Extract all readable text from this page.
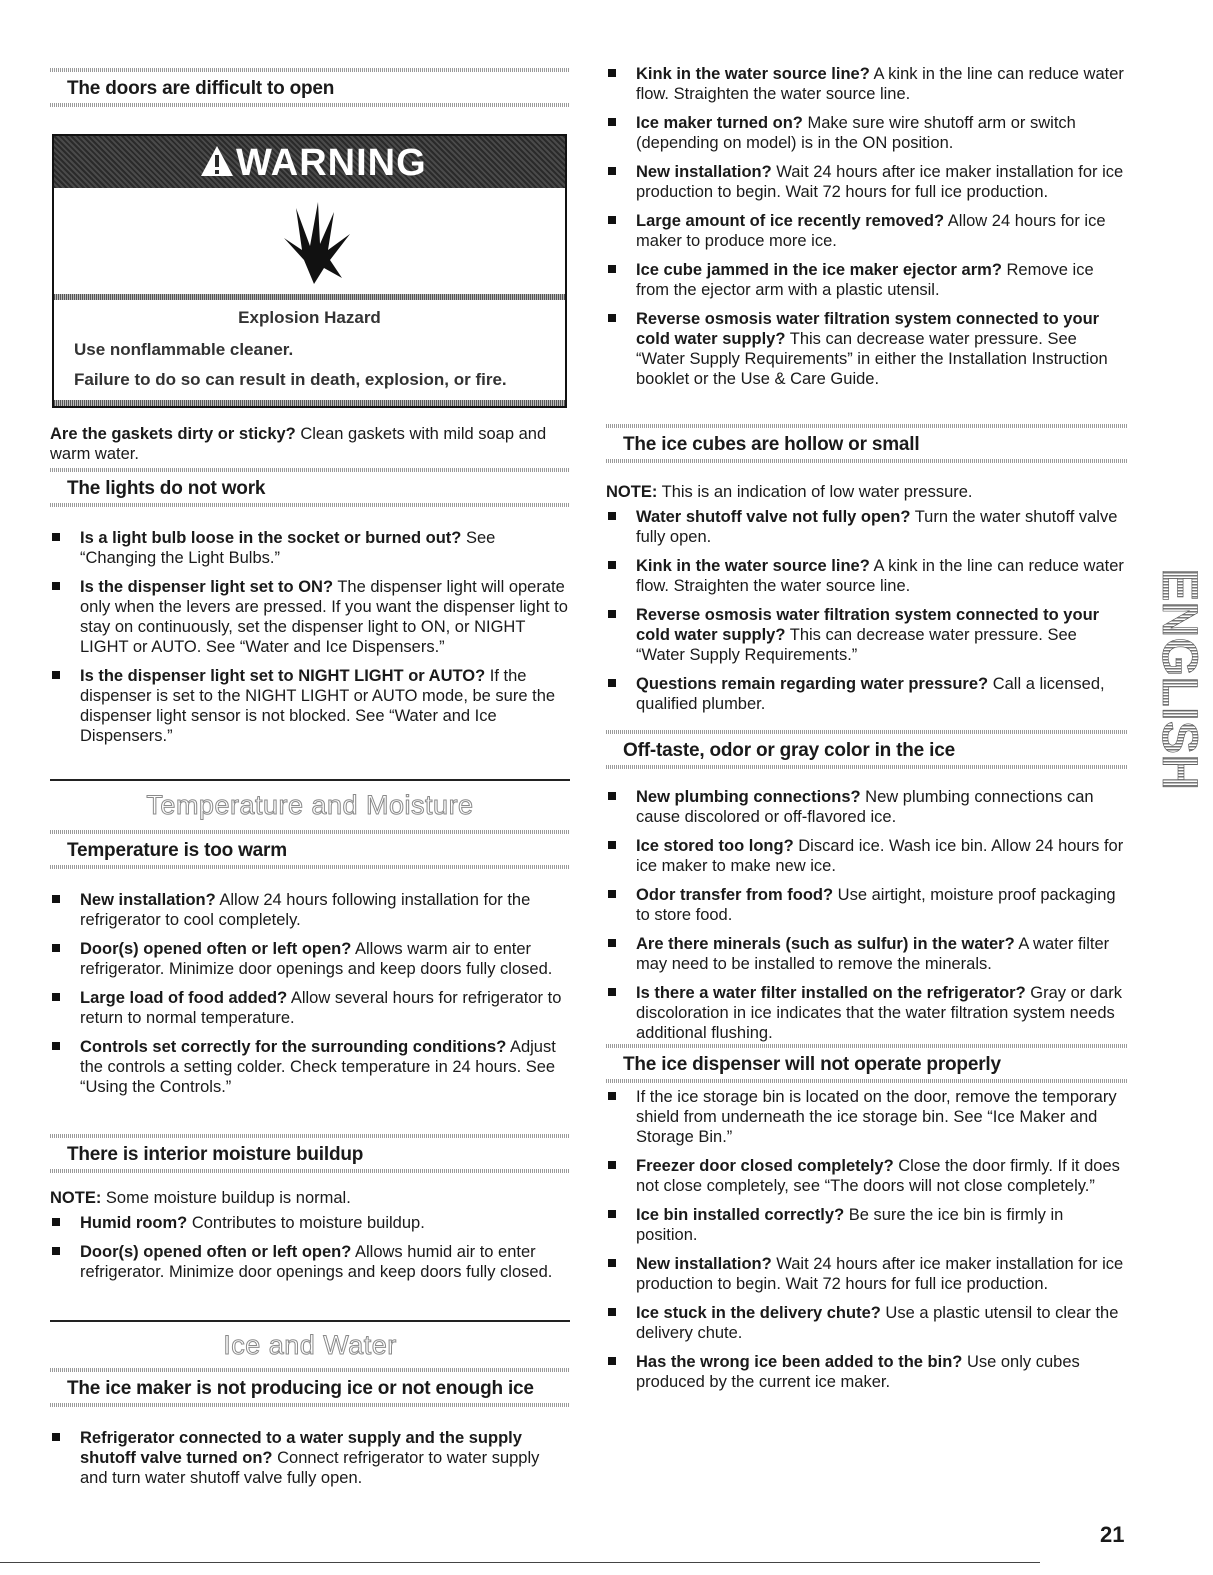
The doors are difficult to open

Are the gaskets dirty or sticky? Clean gaskets with mild soap and warm water.

The lights do not work
Is a light bulb loose in the socket or burned out? See “Changing the Light Bulbs.”
Is the dispenser light set to ON? The dispenser light will operate only when the levers are pressed. If you want the dispenser light to stay on continuously, set the dispenser light to ON, or NIGHT LIGHT or AUTO. See “Water and Ice Dispensers.”
Is the dispenser light set to NIGHT LIGHT or AUTO? If the dispenser is set to the NIGHT LIGHT or AUTO mode, be sure the dispenser light sensor is not blocked. See “Water and Ice Dispensers.”
Temperature and Moisture
Temperature is too warm
New installation? Allow 24 hours following installation for the refrigerator to cool completely.
Door(s) opened often or left open? Allows warm air to enter refrigerator. Minimize door openings and keep doors fully closed.
Large load of food added? Allow several hours for refrigerator to return to normal temperature.
Controls set correctly for the surrounding conditions? Adjust the controls a setting colder. Check temperature in 24 hours. See “Using the Controls.”
There is interior moisture buildup

NOTE: Some moisture buildup is normal.

Humid room? Contributes to moisture buildup.
Door(s) opened often or left open? Allows humid air to enter refrigerator. Minimize door openings and keep doors fully closed.
Ice and Water
The ice maker is not producing ice or not enough ice
Refrigerator connected to a water supply and the supply shutoff valve turned on? Connect refrigerator to water supply and turn water shutoff valve fully open.
WARNING
Explosion Hazard
Use nonflammable cleaner.
Failure to do so can result in death, explosion, or fire.
Kink in the water source line? A kink in the line can reduce water flow. Straighten the water source line.
Ice maker turned on? Make sure wire shutoff arm or switch (depending on model) is in the ON position.
New installation? Wait 24 hours after ice maker installation for ice production to begin. Wait 72 hours for full ice production.
Large amount of ice recently removed? Allow 24 hours for ice maker to produce more ice.
Ice cube jammed in the ice maker ejector arm? Remove ice from the ejector arm with a plastic utensil.
Reverse osmosis water filtration system connected to your cold water supply? This can decrease water pressure. See “Water Supply Requirements” in either the Installation Instruction booklet or the Use & Care Guide.
The ice cubes are hollow or small

NOTE: This is an indication of low water pressure.

Water shutoff valve not fully open? Turn the water shutoff valve fully open.
Kink in the water source line? A kink in the line can reduce water flow. Straighten the water source line.
Reverse osmosis water filtration system connected to your cold water supply? This can decrease water pressure. See “Water Supply Requirements.”
Questions remain regarding water pressure? Call a licensed, qualified plumber.
Off-taste, odor or gray color in the ice
New plumbing connections? New plumbing connections can cause discolored or off-flavored ice.
Ice stored too long? Discard ice. Wash ice bin. Allow 24 hours for ice maker to make new ice.
Odor transfer from food? Use airtight, moisture proof packaging to store food.
Are there minerals (such as sulfur) in the water? A water filter may need to be installed to remove the minerals.
Is there a water filter installed on the refrigerator? Gray or dark discoloration in ice indicates that the water filtration system needs additional flushing.
The ice dispenser will not operate properly
If the ice storage bin is located on the door, remove the temporary shield from underneath the ice storage bin. See “Ice Maker and Storage Bin.”
Freezer door closed completely? Close the door firmly. If it does not close completely, see “The doors will not close completely.”
Ice bin installed correctly? Be sure the ice bin is firmly in position.
New installation? Wait 24 hours after ice maker installation for ice production to begin. Wait 72 hours for full ice production.
Ice stuck in the delivery chute? Use a plastic utensil to clear the delivery chute.
Has the wrong ice been added to the bin? Use only cubes produced by the current ice maker.
ENGLISH
21
